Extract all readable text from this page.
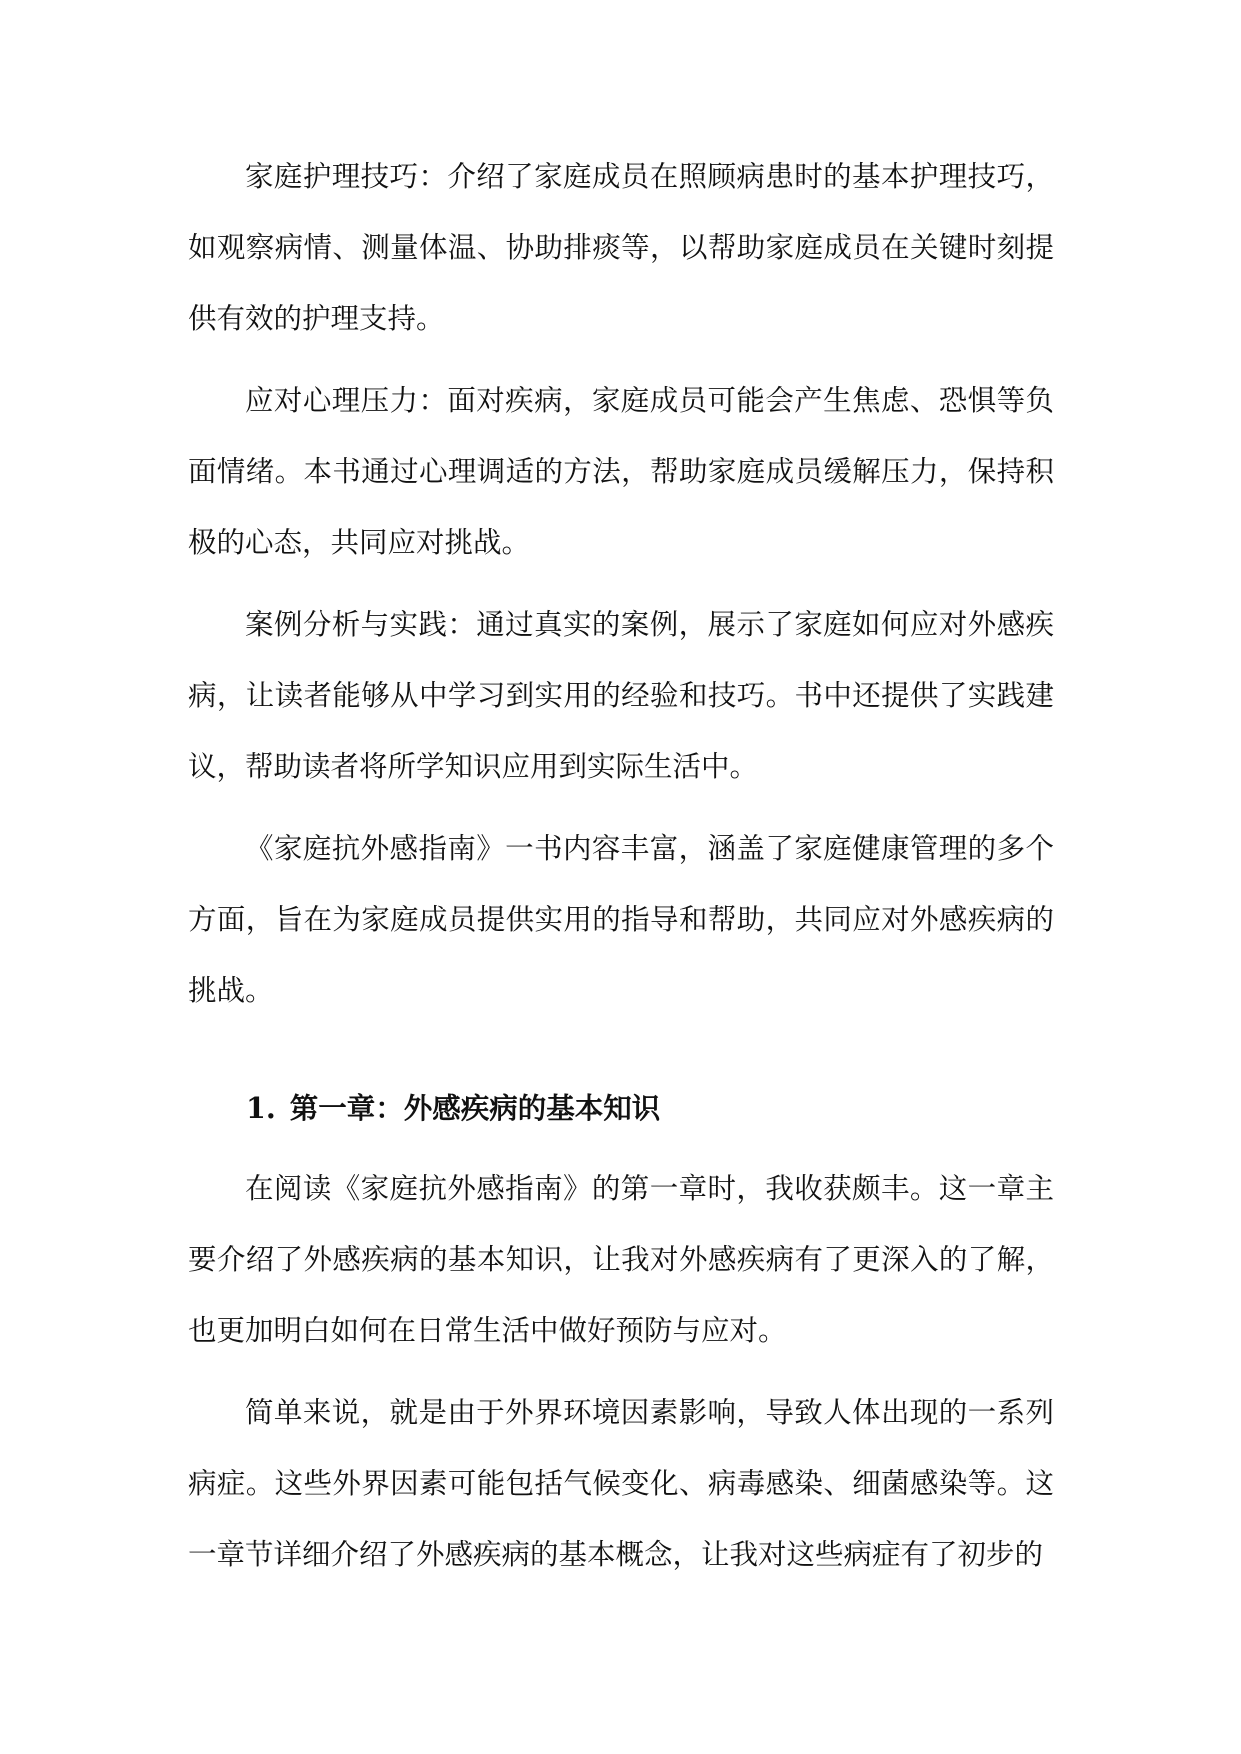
家庭护理技巧：介绍了家庭成员在照顾病患时的基本护理技巧，如观察病情、测量体温、协助排痰等，以帮助家庭成员在关键时刻提供有效的护理支持。

应对心理压力：面对疾病，家庭成员可能会产生焦虑、恐惧等负面情绪。本书通过心理调适的方法，帮助家庭成员缓解压力，保持积极的心态，共同应对挑战。

案例分析与实践：通过真实的案例，展示了家庭如何应对外感疾病，让读者能够从中学习到实用的经验和技巧。书中还提供了实践建议，帮助读者将所学知识应用到实际生活中。

《家庭抗外感指南》一书内容丰富，涵盖了家庭健康管理的多个方面，旨在为家庭成员提供实用的指导和帮助，共同应对外感疾病的挑战。

1. 第一章：外感疾病的基本知识

在阅读《家庭抗外感指南》的第一章时，我收获颇丰。这一章主要介绍了外感疾病的基本知识，让我对外感疾病有了更深入的了解，也更加明白如何在日常生活中做好预防与应对。

简单来说，就是由于外界环境因素影响，导致人体出现的一系列病症。这些外界因素可能包括气候变化、病毒感染、细菌感染等。这一章节详细介绍了外感疾病的基本概念，让我对这些病症有了初步的
